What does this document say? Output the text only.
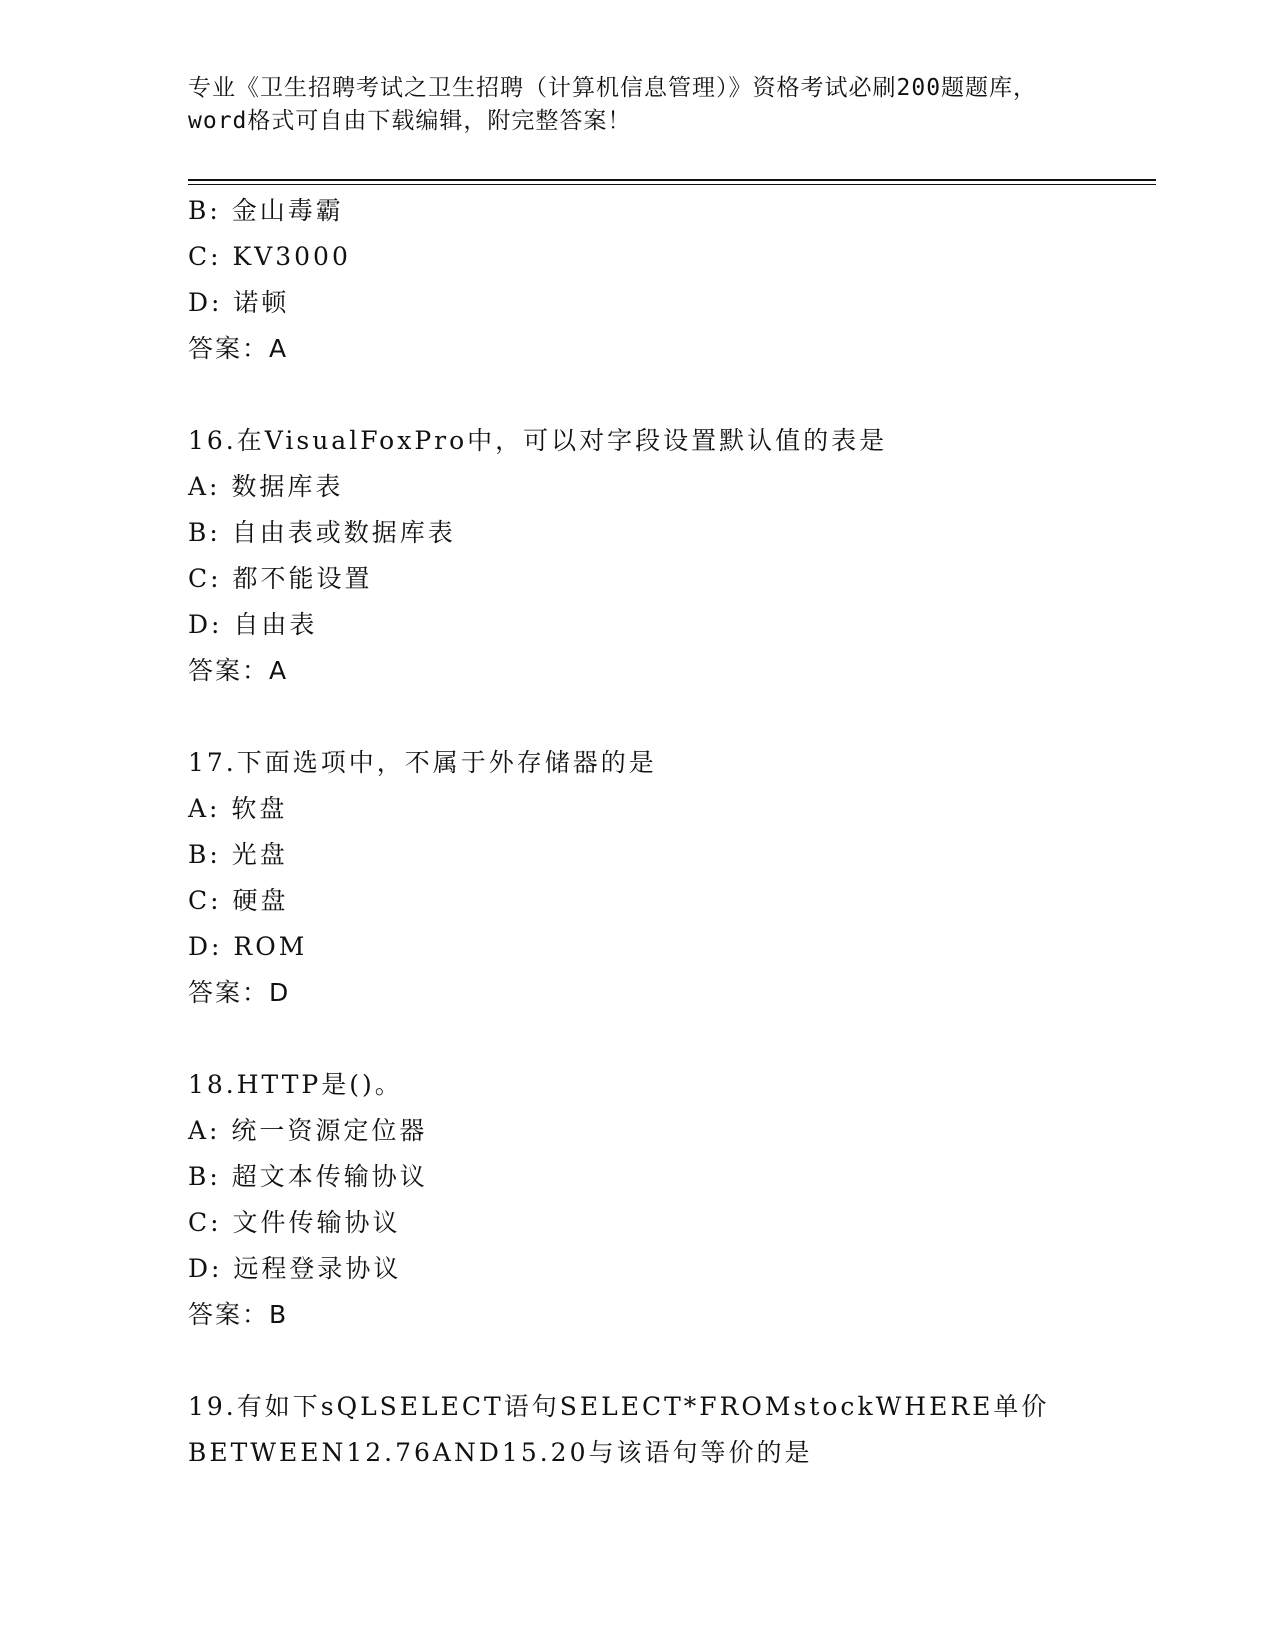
专业《卫生招聘考试之卫生招聘（计算机信息管理）》资格考试必刷200题题库，
word格式可自由下载编辑，附完整答案！
B: 金山毒霸
C: KV3000
D: 诺顿
答案：A
16.在VisualFoxPro中，可以对字段设置默认值的表是
A: 数据库表
B: 自由表或数据库表
C: 都不能设置
D: 自由表
答案：A
17.下面选项中，不属于外存储器的是
A: 软盘
B: 光盘
C: 硬盘
D: ROM
答案：D
18.HTTP是()。
A: 统一资源定位器
B: 超文本传输协议
C: 文件传输协议
D: 远程登录协议
答案：B
19.有如下sQLSELECT语句SELECT*FROMstockWHERE单价
BETWEEN12.76AND15.20与该语句等价的是
